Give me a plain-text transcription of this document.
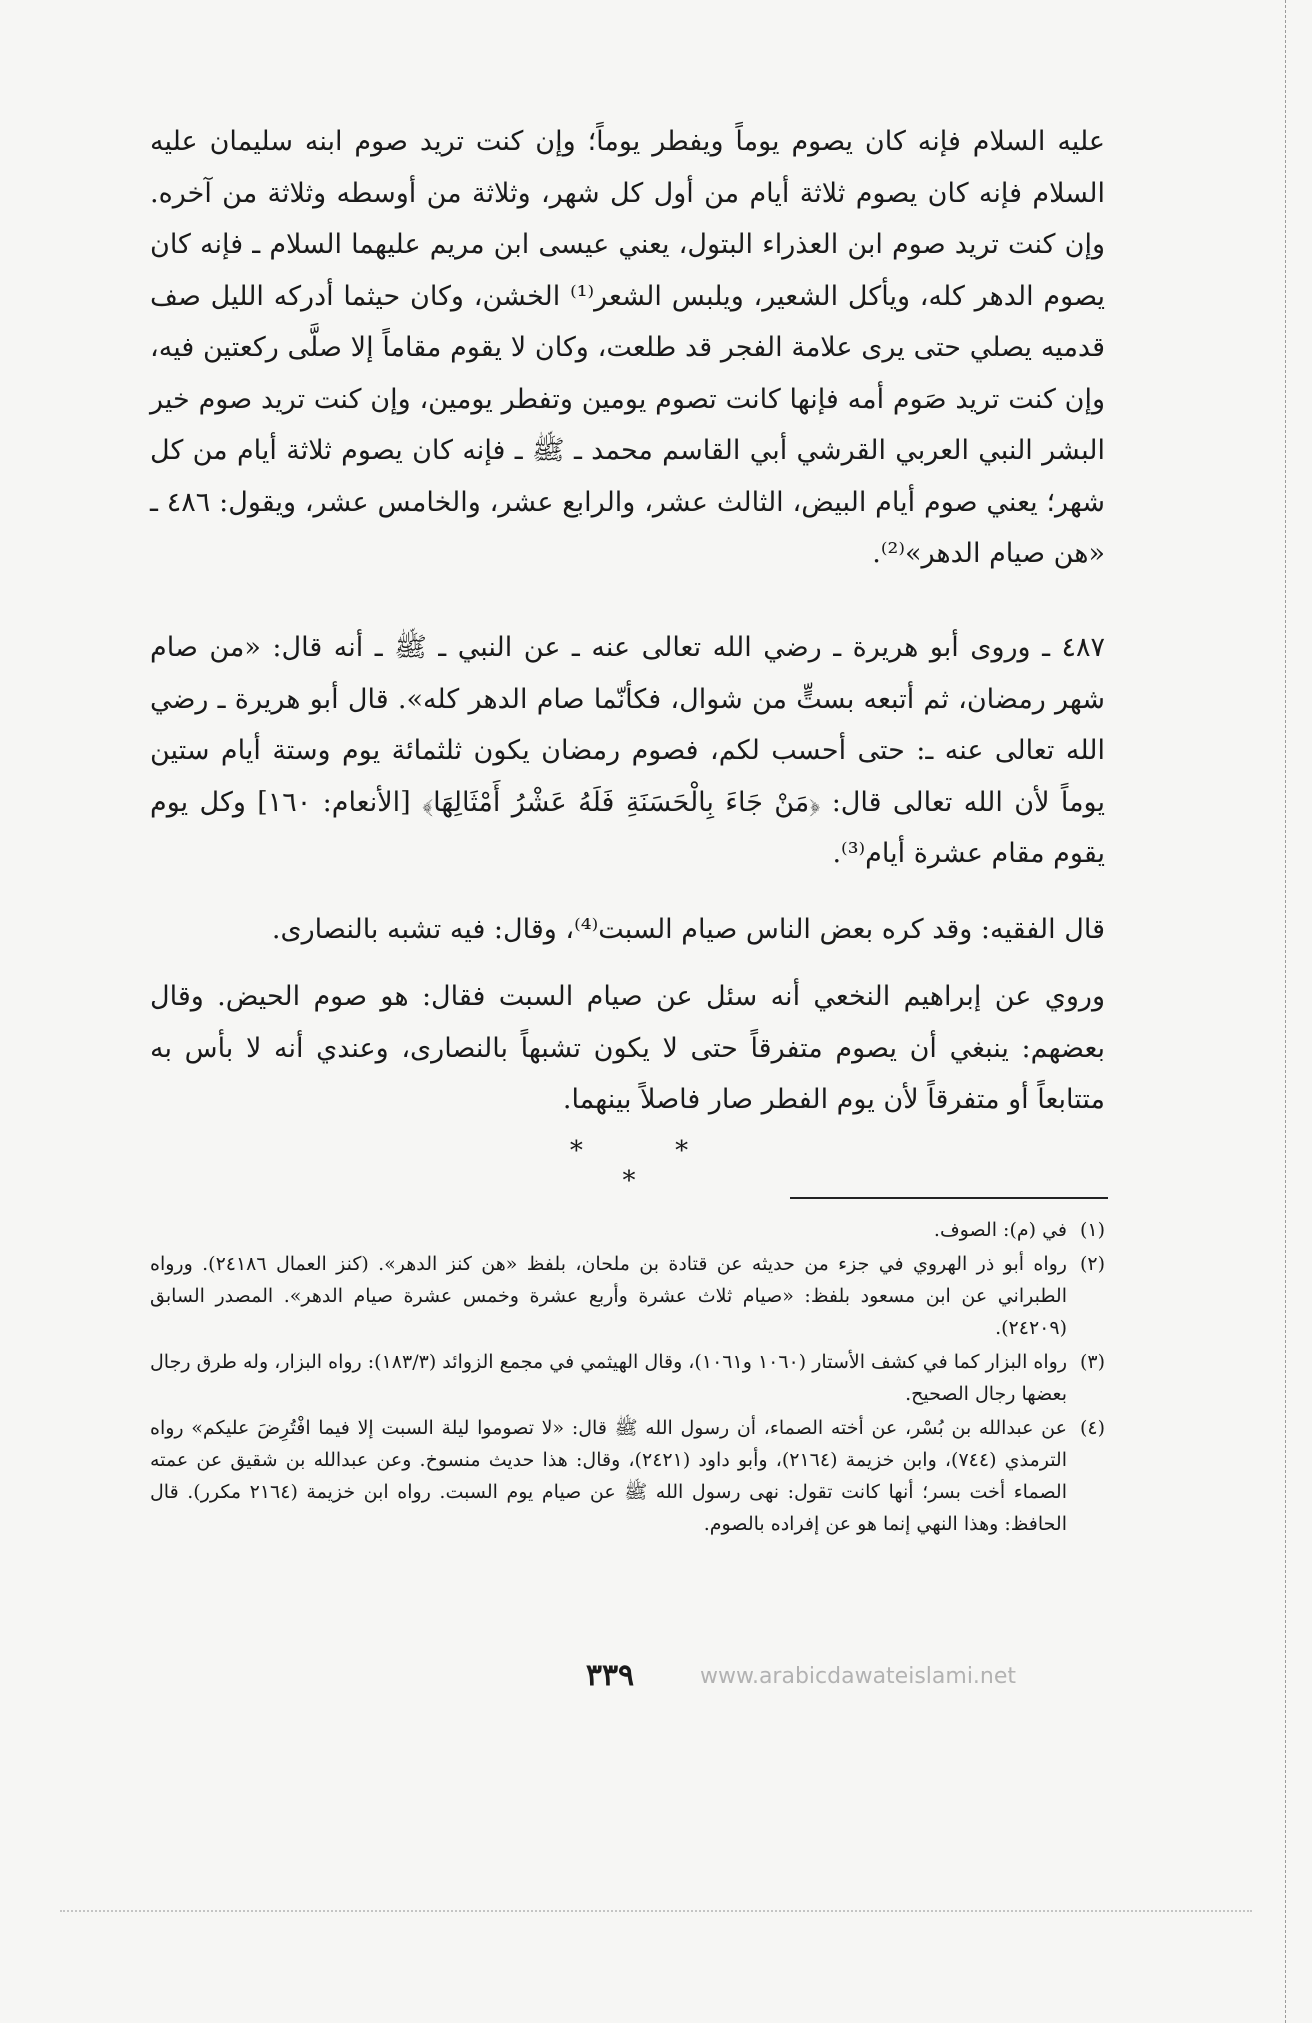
عليه السلام فإنه كان يصوم يوماً ويفطر يوماً؛ وإن كنت تريد صوم ابنه سليمان عليه السلام فإنه كان يصوم ثلاثة أيام من أول كل شهر، وثلاثة من أوسطه وثلاثة من آخره. وإن كنت تريد صوم ابن العذراء البتول، يعني عيسى ابن مريم عليهما السلام ـ فإنه كان يصوم الدهر كله، ويأكل الشعير، ويلبس الشعر⁽¹⁾ الخشن، وكان حيثما أدركه الليل صف قدميه يصلي حتى يرى علامة الفجر قد طلعت، وكان لا يقوم مقاماً إلا صلَّى ركعتين فيه، وإن كنت تريد صَوم أمه فإنها كانت تصوم يومين وتفطر يومين، وإن كنت تريد صوم خير البشر النبي العربي القرشي أبي القاسم محمد ـ ﷺ ـ فإنه كان يصوم ثلاثة أيام من كل شهر؛ يعني صوم أيام البيض، الثالث عشر، والرابع عشر، والخامس عشر، ويقول: ٤٨٦ ـ «هن صيام الدهر»⁽²⁾.

٤٨٧ ـ وروى أبو هريرة ـ رضي الله تعالى عنه ـ عن النبي ـ ﷺ ـ أنه قال: «من صام شهر رمضان، ثم أتبعه بستٍّ من شوال، فكأنّما صام الدهر كله». قال أبو هريرة ـ رضي الله تعالى عنه ـ: حتى أحسب لكم، فصوم رمضان يكون ثلثمائة يوم وستة أيام ستين يوماً لأن الله تعالى قال: ﴿مَنْ جَاءَ بِالْحَسَنَةِ فَلَهُ عَشْرُ أَمْثَالِهَا﴾ [الأنعام: ١٦٠] وكل يوم يقوم مقام عشرة أيام⁽³⁾.

قال الفقيه: وقد كره بعض الناس صيام السبت⁽⁴⁾، وقال: فيه تشبه بالنصارى.

وروي عن إبراهيم النخعي أنه سئل عن صيام السبت فقال: هو صوم الحيض. وقال بعضهم: ينبغي أن يصوم متفرقاً حتى لا يكون تشبهاً بالنصارى، وعندي أنه لا بأس به متتابعاً أو متفرقاً لأن يوم الفطر صار فاصلاً بينهما.

* * *
(١)
في (م): الصوف.
(٢)
رواه أبو ذر الهروي في جزء من حديثه عن قتادة بن ملحان، بلفظ «هن كنز الدهر». (كنز العمال ٢٤١٨٦). ورواه الطبراني عن ابن مسعود بلفظ: «صيام ثلاث عشرة وأربع عشرة وخمس عشرة صيام الدهر». المصدر السابق (٢٤٢٠٩).
(٣)
رواه البزار كما في كشف الأستار (١٠٦٠ و١٠٦١)، وقال الهيثمي في مجمع الزوائد (١٨٣/٣): رواه البزار، وله طرق رجال بعضها رجال الصحيح.
(٤)
عن عبدالله بن بُسْر، عن أخته الصماء، أن رسول الله ﷺ قال: «لا تصوموا ليلة السبت إلا فيما افْتُرِضَ عليكم» رواه الترمذي (٧٤٤)، وابن خزيمة (٢١٦٤)، وأبو داود (٢٤٢١)، وقال: هذا حديث منسوخ. وعن عبدالله بن شقيق عن عمته الصماء أخت بسر؛ أنها كانت تقول: نهى رسول الله ﷺ عن صيام يوم السبت. رواه ابن خزيمة (٢١٦٤ مكرر). قال الحافظ: وهذا النهي إنما هو عن إفراده بالصوم.
٣٣٩	www.arabicdawateislami.net
